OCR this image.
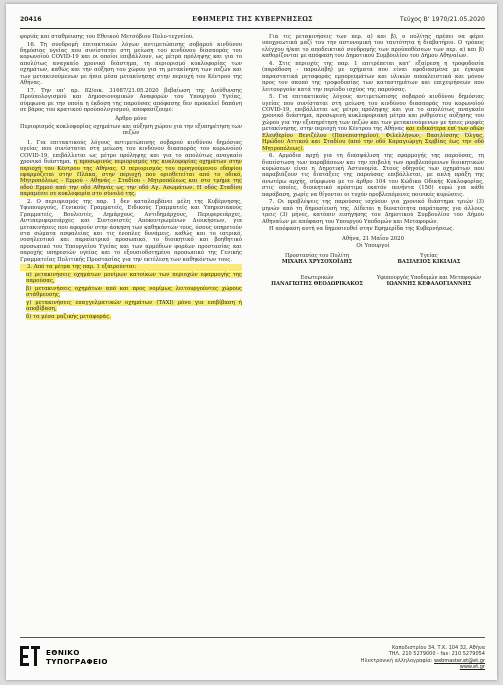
20416	ΕΦΗΜΕΡΙΣ ΤΗΣ ΚΥΒΕΡΝΗΣΕΩΣ	Τεύχος Β’ 1970/21.05.2020

φοριάς και σταθμευσης του Εθνικού Μετσόβιου Πολυ-τεχνείου.

16. Τη συνδρομή επιτακτικών λόγων αντιμετώπισης σοβαρού κινδύνου δημόσιας υγείας που συνίσταται στη μείωση του κινδύνου διασποράς του κορωνοϊού COVID-19 και οι οποίοι επιβάλλουν, ως μέτρα πρόληψης και για το απολύτως αναγκαίο χρονικό διάστημα, τη περιορισμό κυκλοφορίας των οχημάτων, καθώς και την αύξηση του χώρου για τη μετακίνηση των πεζών και των μετακινούμενων με ήπια μέσα μετακίνησης στην περιοχή του Κέντρου της Αθήνας.

17. Την υπ’ αρ. 82/οικ. 31687/21.05.2020 βεβαίωση της Διεύθυνσης Προϋπολογισμού και Δημοσιονομικών Αναφορών του Υπουργού Υγείας, σύμφωνα με την οποία η έκδοση της παρούσας απόφασης δεν προκαλεί δαπάνη σε βάρος του κρατικού προϋπολογισμού, αποφασίζουμε:

Άρθρο μόνο

Περιορισμός κυκλοφορίας οχημάτων και αύξηση χώρου για την εξυπηρέτηση των πεζών

1. Για επιτακτικούς λόγους αντιμετώπισης σοβαρού κινδύνου δημόσιας υγείας που συνίσταται στη μείωση του κινδύνου διασποράς του κορωνοϊού COVID-19, επιβάλλεται ως μέτρο πρόληψης και για το απολύτως αναγκαίο χρονικό διάστημα, η προσωρινός περιορισμός της κυκλοφορίας οχημάτων στην περιοχή του Κέντρου της Αθήνας. Ο περιορισμός του προηγούμενου εδαφίου εφαρμόζεται στην Πλάκα, στην περιοχή που οριοθετείται από το οδικό, Μητροπόλεως - Ερμού - Αθηνάς - Σταδίου - Μητροπόλεως και στο τμήμα της οδού Ερμού από την οδό Αθηνάς ως την οδό Αγ. Ασωμάτων. Η οδός Σταδίου παραμένει σε κυκλοφορία στο σύνολό της.

2. Ο περιορισμός της παρ. 1 δεν καταλαμβάνει μέλη της Κυβέρνησης, Υφυπουργούς, Γενικούς Γραμματείς, Ειδικούς Γραμματείς και Υπηρεσιακούς Γραμματείς, Βουλευτές, Δημάρχους, Αντιδημάρχους, Περιφερειάρχες, Αντιπεριφερειάρχες και Συντονιστές Αποκεντρωμένων Διοικήσεων, για μετακινήσεις που αφορούν στην άσκηση των καθηκόντων τους, όσους υπηρετούν στα σώματα ασφαλείας και τις ένοπλες δυνάμεις, καθώς και το ιατρικό, νοσηλευτικό και παραϊατρικό προσωπικό, το διοικητικό και βοηθητικό προσωπικό του Υπουργείου Υγείας και των αρμόδιων φορέων προστασίας και παροχής υπηρεσιών υγείας και το εξουσιοδοτημένο προσωπικό της Γενικής Γραμματείας Πολιτικής Προστασίας για την εκτέλεση των καθηκόντων τους.

3. Από τα μέτρα της παρ. 1 εξαιρούνται:

α) μετακινήσεις οχημάτων μονίμων κατοίκων των περιοχών εφαρμογής της παρούσας,

β) μετακινήσεις οχημάτων από και προς νομίμως λειτουργούντες χώρους στάθμευσης,

γ) μετακινήσεις επαγγελματικών οχημάτων (TAXI) μόνο για επιβίβαση ή αποβίβαση,

δ) τα μέσα μαζικής μεταφοράς.

Για τις μετακινήσεις των περ. α) και β), ο πολίτης πρέπει να φέρει υποχρεωτικά μαζί του την αστυνομική του ταυτότητα ή διαβατήριο. Ο τρόπος ελέγχου ή/και το αποδεικτικό συνδρομής των προϋποθέσεων των περ. α) και β) καθορίζονται με απόφαση του Δημοτικού Συμβουλίου του Δήμου Αθηναίων.

4. Στις περιοχές της παρ. 1 επιτρέπεται κατ’ εξαίρεση η τροφοδοσία (παράδοση - παραλαβή) με οχήματα που είναι εφοδιασμένα με έγκυρα παραστατικά μεταφοράς εμπορευμάτων και υλικών αποκλειστικά και μόνον προς τον σκοπό της τροφοδοσίας των καταστημάτων και επιχειρήσεων που λειτουργούν κατά την περίοδο ισχύος της παρούσας.

5. Για επιτακτικούς λόγους αντιμετώπισης σοβαρού κινδύνου δημόσιας υγείας που συνίσταται στη μείωση του κινδύνου διασποράς του κορωνοϊού COVID-19, επιβάλλεται ως μέτρο πρόληψης και για το απολύτως αναγκαίο χρονικό διάστημα, προσωρινή κυκλοφοριακή μέτρα και ρυθμίσεις αύξησης του χώρου για την εξυπηρέτηση των πεζών και των μετακινούμενων με ήπιες μορφές μετακίνησης, στην περιοχή του Κέντρου της Αθήνας και ειδικότερα επί των οδών Ελευθερίου Βενιζέλου (Πανεπιστημίου), Φιλελλήνων, Βασιλίσσης Όλγας, Ηρώδου Αττικού και Σταδίου (από την οδό Καραγιώργη Σερβίας έως την οδό Μητροπόλεως).

6. Αρμόδια αρχή για τη διασφάλιση της εφαρμογής της παρούσας, τη διαπίστωση των παραβάσεων και την επιβολή των προβλεπόμενων διοικητικών κυρώσεων είναι η Δημοτική Αστυνομία. Στους οδηγούς των οχημάτων που παραβιάζουν τις διατάξεις της παρούσας επιβάλλεται, με απλή πράξη της ανωτέρω αρχής, σύμφωνα με το άρθρο 104 του Κώδικα Οδικής Κυκλοφορίας, στις οποίες, διοικητικό πρόστιμο εκατόν πενήντα (150) ευρώ για κάθε παράβαση, χωρίς να θίγονται οι τυχόν προβλεπόμενες ποινικές κυρώσεις.

7. Οι προβλέψεις της παρούσας ισχύουν για χρονικό διάστημα τριών (3) μηνών από τη δημοσίευσή της. Δίδεται η δυνατότητα παράτασης για άλλους τρεις (3) μήνες, κατόπιν εισήγησης του Δημοτικού Συμβουλίου του Δήμου Αθηναίων με απόφαση του Υπουργού Υποδομών και Μεταφορών.

Η απόφαση αυτή να δημοσιευθεί στην Εφημερίδα της Κυβερνήσεως.

Αθήνα, 21 Μαΐου 2020

Οι Υπουργοί

Προστασίας του Πολίτη
ΜΙΧΑΗΛ ΧΡΥΣΟΧΟΪΔΗΣ
Υγείας
ΒΑΣΙΛΕΙΟΣ ΚΙΚΙΛΙΑΣ
Εσωτερικών
ΠΑΝΑΓΙΩΤΗΣ ΘΕΟΔΩΡΙΚΑΚΟΣ
Υφυπουργός Υποδομών και Μεταφορών
ΙΩΑΝΝΗΣ ΚΕΦΑΛΟΓΙΑΝΝΗΣ
ΕΘΝΙΚΟ
ΤΥΠΟΓΡΑΦΕΙΟ
Καποδιστρίου 34, Τ.Κ. 104 32, Αθήνα
ΤΗΛ. 210 5279000 - fax: 210 5279054
Ηλεκτρονική αλληλογραφία: webmaster.et@et.gr
www.et.gr
